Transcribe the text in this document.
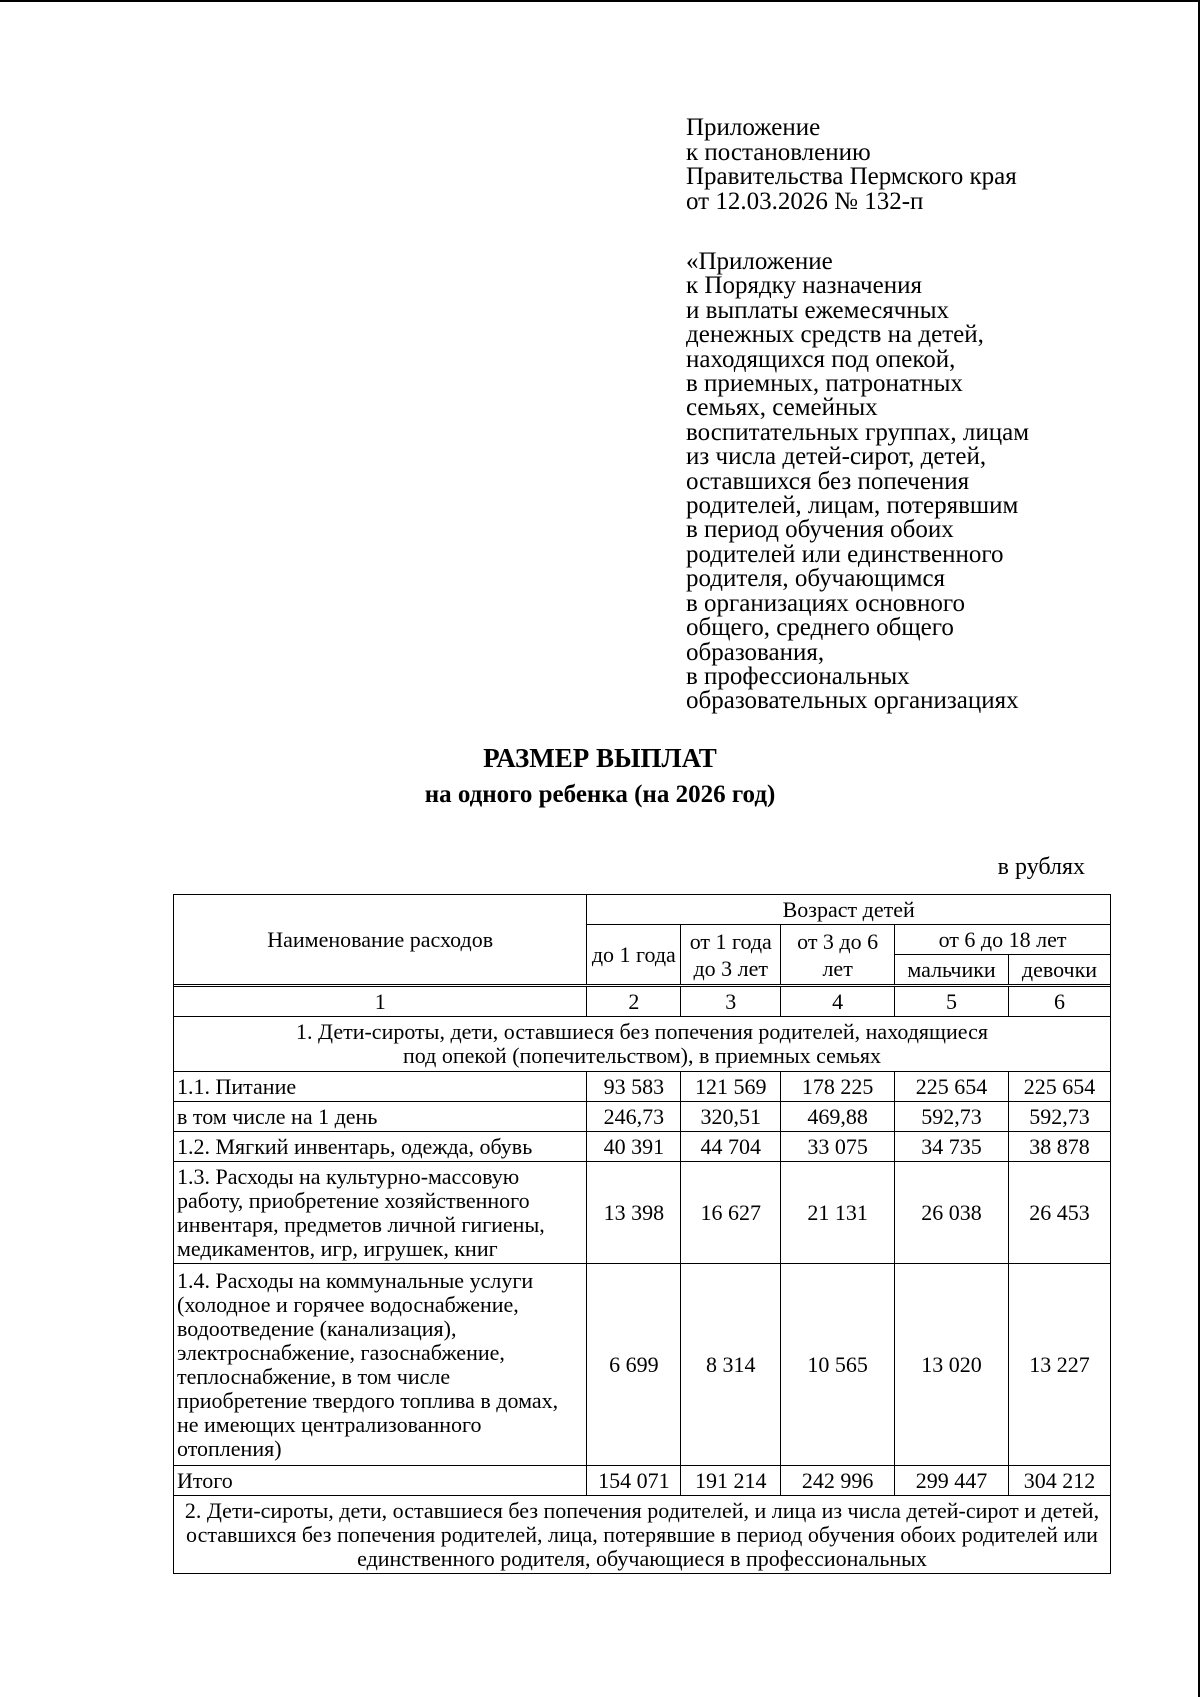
Приложение
к постановлению
Правительства Пермского края
от 12.03.2026 № 132-п
«Приложение
к Порядку назначения
и выплаты ежемесячных
денежных средств на детей,
находящихся под опекой,
в приемных, патронатных
семьях, семейных
воспитательных группах, лицам
из числа детей-сирот, детей,
оставшихся без попечения
родителей, лицам, потерявшим
в период обучения обоих
родителей или единственного
родителя, обучающимся
в организациях основного
общего, среднего общего
образования,
в профессиональных
образовательных организациях
РАЗМЕР ВЫПЛАТ
на одного ребенка (на 2026 год)
в рублях
Наименование расходов	Возраст детей				
	до 1 года	от 1 года до 3 лет	от 3 до 6 лет	от 6 до 18 лет	
				мальчики	девочки

1	2	3	4	5	6
1. Дети-сироты, дети, оставшиеся без попечения родителей, находящиеся под опекой (попечительством), в приемных семьях					
1.1. Питание	93 583	121 569	178 225	225 654	225 654
в том числе на 1 день	246,73	320,51	469,88	592,73	592,73
1.2. Мягкий инвентарь, одежда, обувь	40 391	44 704	33 075	34 735	38 878
1.3. Расходы на культурно-массовую работу, приобретение хозяйственного инвентаря, предметов личной гигиены, медикаментов, игр, игрушек, книг	13 398	16 627	21 131	26 038	26 453
1.4. Расходы на коммунальные услуги (холодное и горячее водоснабжение, водоотведение (канализация), электроснабжение, газоснабжение, теплоснабжение, в том числе приобретение твердого топлива в домах, не имеющих централизованного отопления)	6 699	8 314	10 565	13 020	13 227
Итого	154 071	191 214	242 996	299 447	304 212
2. Дети-сироты, дети, оставшиеся без попечения родителей, и лица из числа детей-сирот и детей, оставшихся без попечения родителей, лица, потерявшие в период обучения обоих родителей или единственного родителя, обучающиеся в профессиональных					
